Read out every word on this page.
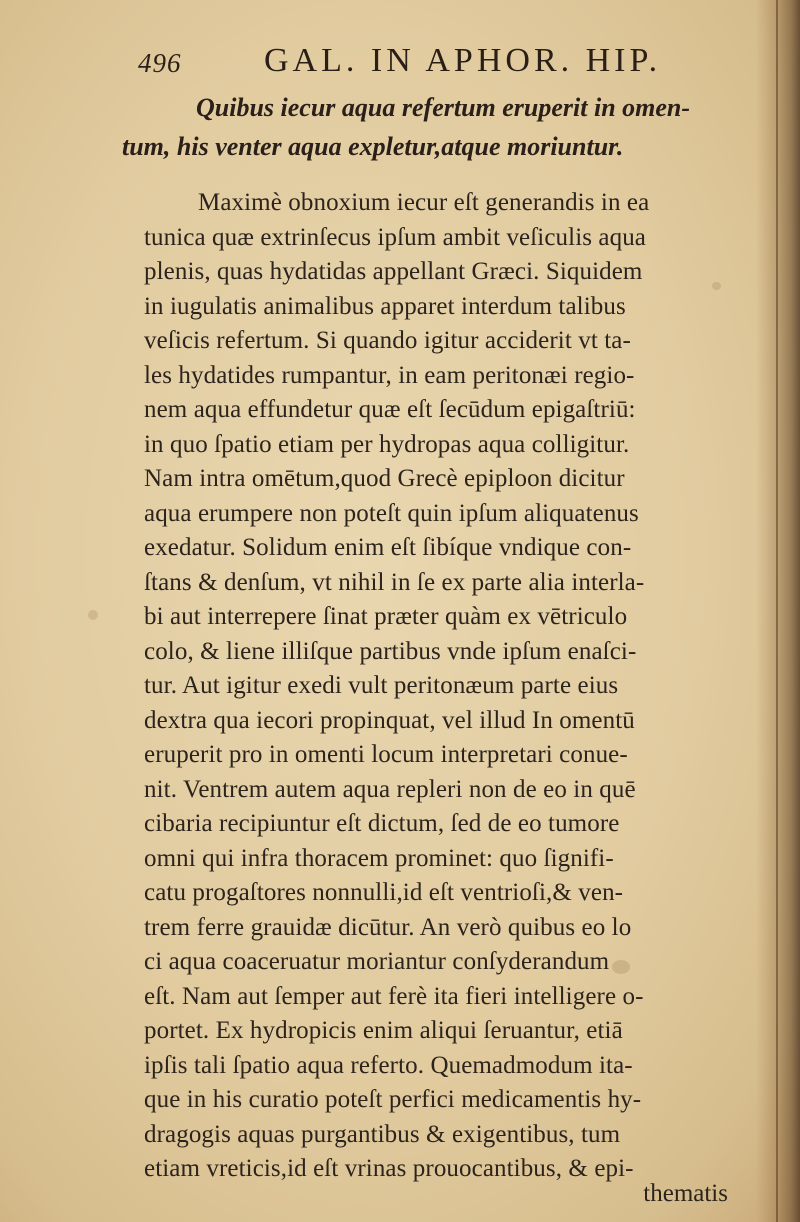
496 GAL. IN APHOR. HIP.
Quibus iecur aqua refertum eruperit in omen-
tum, his venter aqua expletur,atque moriuntur.
Maximè obnoxium iecur eſt generandis in ea
tunica quæ extrinſecus ipſum ambit veſiculis aqua
plenis, quas hydatidas appellant Græci. Siquidem
in iugulatis animalibus apparet interdum talibus
veſicis refertum. Si quando igitur acciderit vt ta-
les hydatides rumpantur, in eam peritonæi regio-
nem aqua effundetur quæ eſt ſecūdum epigaſtriū:
in quo ſpatio etiam per hydropas aqua colligitur.
Nam intra omētum,quod Grecè epiploon dicitur
aqua erumpere non poteſt quin ipſum aliquatenus
exedatur. Solidum enim eſt ſibíque vndique con-
ſtans & denſum, vt nihil in ſe ex parte alia interla-
bi aut interrepere ſinat præter quàm ex vētriculo
colo, & liene illiſque partibus vnde ipſum enaſci-
tur. Aut igitur exedi vult peritonæum parte eius
dextra qua iecori propinquat, vel illud In omentū
eruperit pro in omenti locum interpretari conue-
nit. Ventrem autem aqua repleri non de eo in quē
cibaria recipiuntur eſt dictum, ſed de eo tumore
omni qui infra thoracem prominet: quo ſignifi-
catu progaſtores nonnulli,id eſt ventrioſi,& ven-
trem ferre grauidæ dicūtur. An verò quibus eo lo
ci aqua coaceruatur moriantur conſyderandum
eſt. Nam aut ſemper aut ferè ita fieri intelligere o-
portet. Ex hydropicis enim aliqui ſeruantur, etiā
ipſis tali ſpatio aqua referto. Quemadmodum ita-
que in his curatio poteſt perfici medicamentis hy-
dragogis aquas purgantibus & exigentibus, tum
etiam vreticis,id eſt vrinas prouocantibus, & epi-
thematis
